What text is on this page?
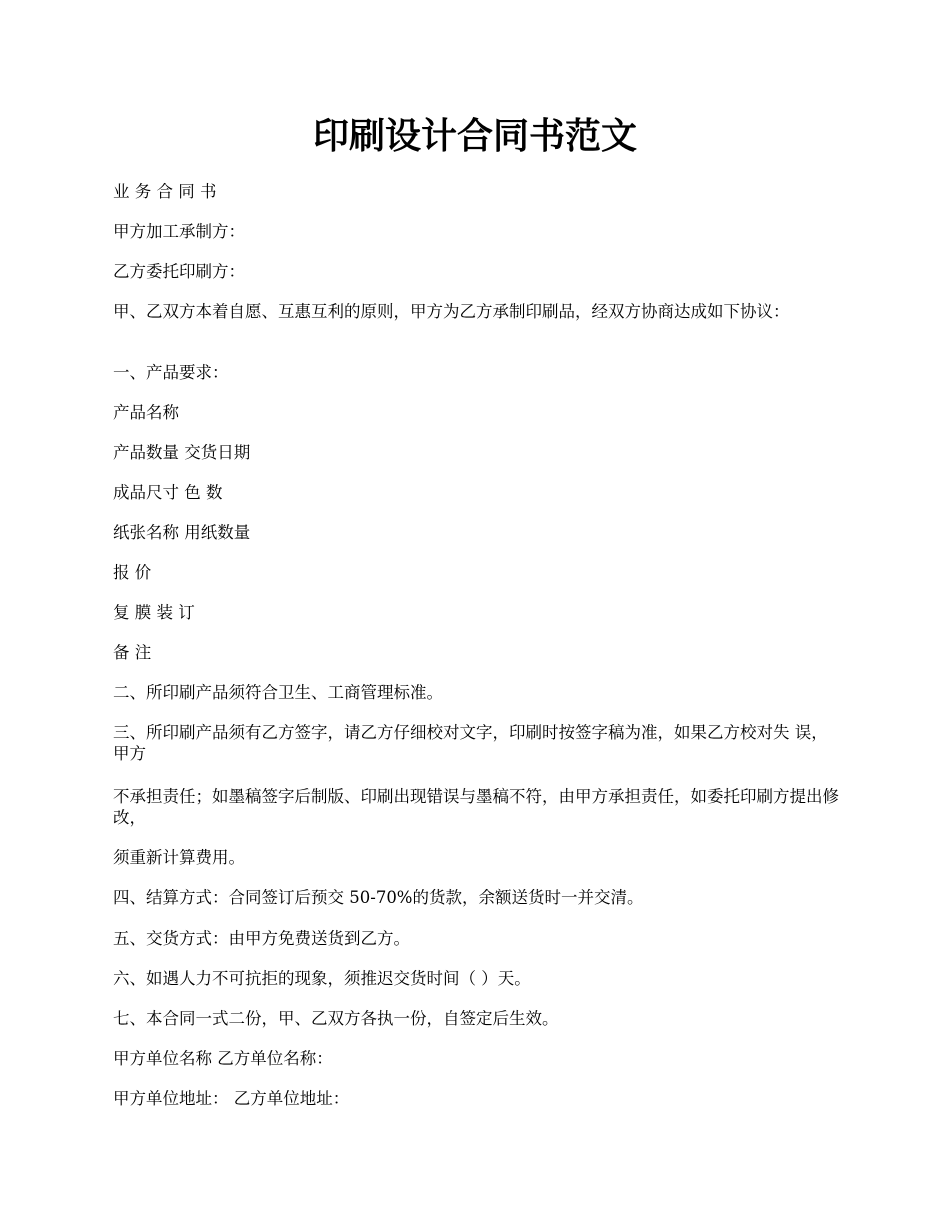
印刷设计合同书范文

业 务 合 同 书

甲方加工承制方：

乙方委托印刷方：

甲、乙双方本着自愿、互惠互利的原则，甲方为乙方承制印刷品，经双方协商达成如下协议：

一、产品要求：

产品名称

产品数量 交货日期

成品尺寸 色 数

纸张名称 用纸数量

报 价

复 膜 装 订

备 注

二、所印刷产品须符合卫生、工商管理标准。

三、所印刷产品须有乙方签字，请乙方仔细校对文字，印刷时按签字稿为准，如果乙方校对失 误， 甲方

不承担责任；如墨稿签字后制版、印刷出现错误与墨稿不符，由甲方承担责任，如委托印刷方提出修改，

须重新计算费用。

四、结算方式：合同签订后预交 50-70%的货款，余额送货时一并交清。

五、交货方式：由甲方免费送货到乙方。

六、如遇人力不可抗拒的现象，须推迟交货时间（ ）天。

七、本合同一式二份，甲、乙双方各执一份，自签定后生效。

甲方单位名称 乙方单位名称：

甲方单位地址： 乙方单位地址：
